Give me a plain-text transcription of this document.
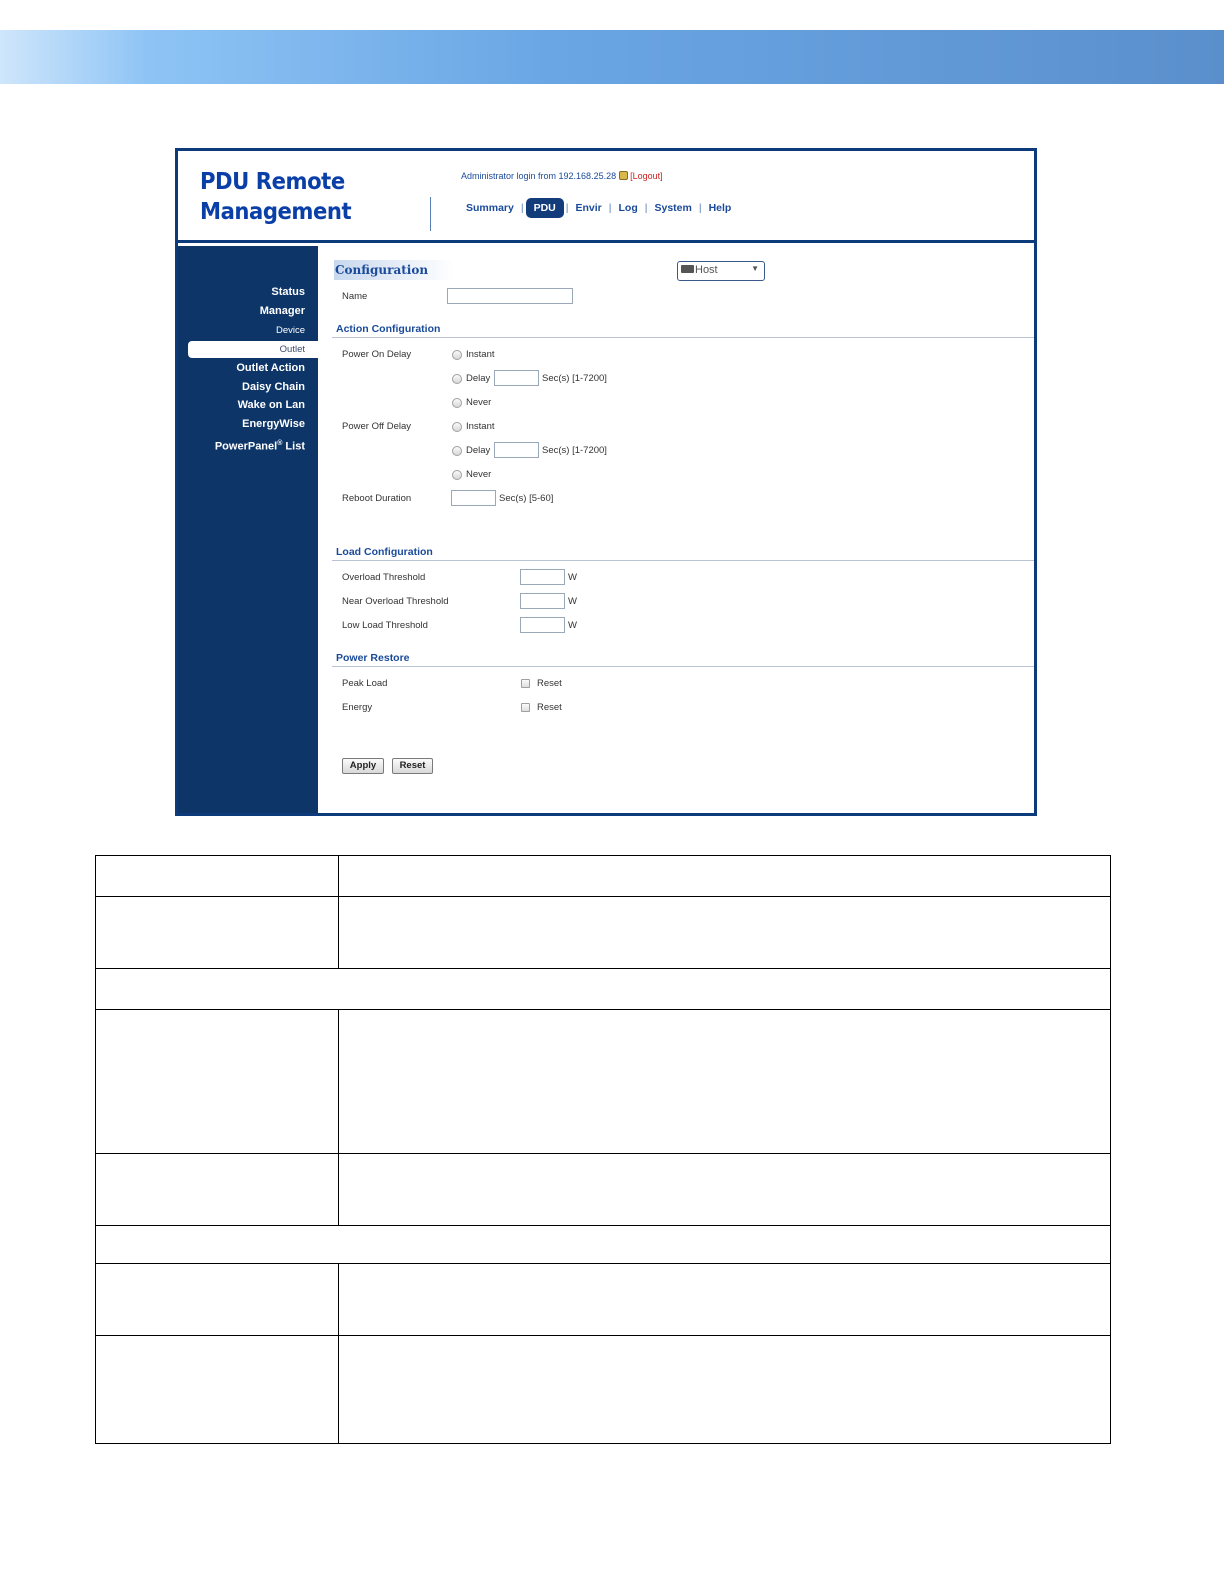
PDU Remote
Management
Administrator login from 192.168.25.28 [Logout]
Summary | PDU | Envir | Log | System | Help
Status
Manager
Device
Outlet
Outlet Action
Daisy Chain
Wake on Lan
EnergyWise
PowerPanel® List
Configuration	Host	▼
Name
Action Configuration
Power On Delay	Instant
Delay	Sec(s) [1-7200]
Never
Power Off Delay	Instant
Delay	Sec(s) [1-7200]
Never
Reboot Duration	Sec(s) [5-60]
Load Configuration
Overload Threshold	W
Near Overload Threshold	W
Low Load Threshold	W
Power Restore
Peak Load	Reset
Energy	Reset
Apply	Reset
